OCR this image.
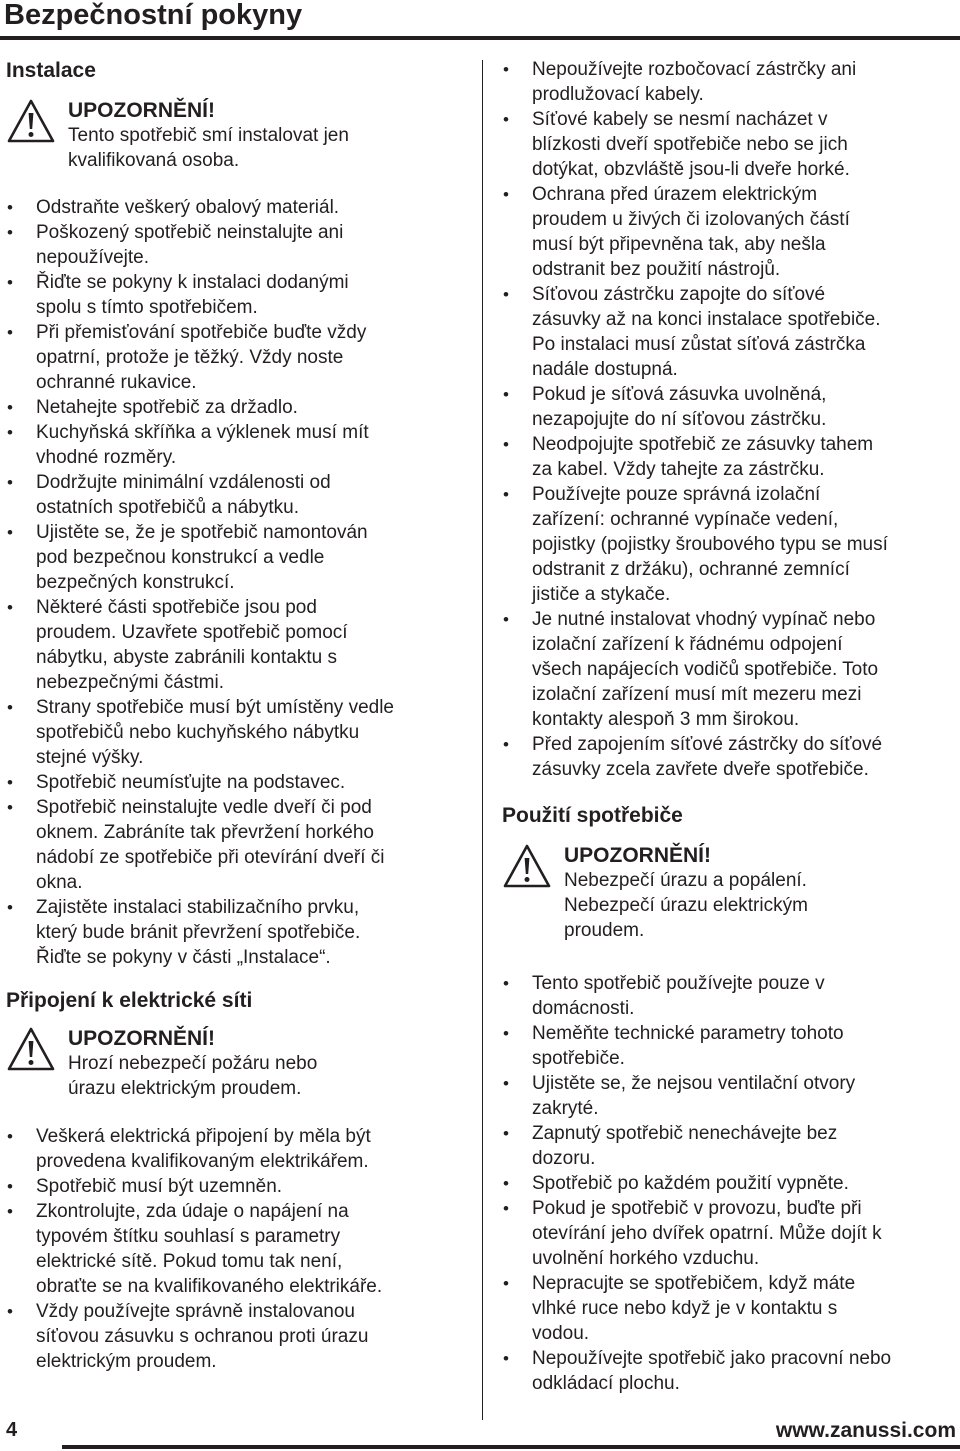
Bezpečnostní pokyny
Instalace
UPOZORNĚNÍ!
Tento spotřebič smí instalovat jen
kvalifikovaná osoba.
• Odstraňte veškerý obalový materiál.
• Poškozený spotřebič neinstalujte ani
nepoužívejte.
• Řiďte se pokyny k instalaci dodanými
spolu s tímto spotřebičem.
• Při přemisťování spotřebiče buďte vždy
opatrní, protože je těžký. Vždy noste
ochranné rukavice.
• Netahejte spotřebič za držadlo.
• Kuchyňská skříňka a výklenek musí mít
vhodné rozměry.
• Dodržujte minimální vzdálenosti od
ostatních spotřebičů a nábytku.
• Ujistěte se, že je spotřebič namontován
pod bezpečnou konstrukcí a vedle
bezpečných konstrukcí.
• Některé části spotřebiče jsou pod
proudem. Uzavřete spotřebič pomocí
nábytku, abyste zabránili kontaktu s
nebezpečnými částmi.
• Strany spotřebiče musí být umístěny vedle
spotřebičů nebo kuchyňského nábytku
stejné výšky.
• Spotřebič neumísťujte na podstavec.
• Spotřebič neinstalujte vedle dveří či pod
oknem. Zabráníte tak převržení horkého
nádobí ze spotřebiče při otevírání dveří či
okna.
• Zajistěte instalaci stabilizačního prvku,
který bude bránit převržení spotřebiče.
Řiďte se pokyny v části „Instalace“.
Připojení k elektrické síti
UPOZORNĚNÍ!
Hrozí nebezpečí požáru nebo
úrazu elektrickým proudem.
• Veškerá elektrická připojení by měla být
provedena kvalifikovaným elektrikářem.
• Spotřebič musí být uzemněn.
• Zkontrolujte, zda údaje o napájení na
typovém štítku souhlasí s parametry
elektrické sítě. Pokud tomu tak není,
obraťte se na kvalifikovaného elektrikáře.
• Vždy používejte správně instalovanou
síťovou zásuvku s ochranou proti úrazu
elektrickým proudem.
• Nepoužívejte rozbočovací zástrčky ani
prodlužovací kabely.
• Síťové kabely se nesmí nacházet v
blízkosti dveří spotřebiče nebo se jich
dotýkat, obzvláště jsou-li dveře horké.
• Ochrana před úrazem elektrickým
proudem u živých či izolovaných částí
musí být připevněna tak, aby nešla
odstranit bez použití nástrojů.
• Síťovou zástrčku zapojte do síťové
zásuvky až na konci instalace spotřebiče.
Po instalaci musí zůstat síťová zástrčka
nadále dostupná.
• Pokud je síťová zásuvka uvolněná,
nezapojujte do ní síťovou zástrčku.
• Neodpojujte spotřebič ze zásuvky tahem
za kabel. Vždy tahejte za zástrčku.
• Používejte pouze správná izolační
zařízení: ochranné vypínače vedení,
pojistky (pojistky šroubového typu se musí
odstranit z držáku), ochranné zemnící
jističe a stykače.
• Je nutné instalovat vhodný vypínač nebo
izolační zařízení k řádnému odpojení
všech napájecích vodičů spotřebiče. Toto
izolační zařízení musí mít mezeru mezi
kontakty alespoň 3 mm širokou.
• Před zapojením síťové zástrčky do síťové
zásuvky zcela zavřete dveře spotřebiče.
Použití spotřebiče
UPOZORNĚNÍ!
Nebezpečí úrazu a popálení.
Nebezpečí úrazu elektrickým
proudem.
• Tento spotřebič používejte pouze v
domácnosti.
• Neměňte technické parametry tohoto
spotřebiče.
• Ujistěte se, že nejsou ventilační otvory
zakryté.
• Zapnutý spotřebič nenechávejte bez
dozoru.
• Spotřebič po každém použití vypněte.
• Pokud je spotřebič v provozu, buďte při
otevírání jeho dvířek opatrní. Může dojít k
uvolnění horkého vzduchu.
• Nepracujte se spotřebičem, když máte
vlhké ruce nebo když je v kontaktu s
vodou.
• Nepoužívejte spotřebič jako pracovní nebo
odkládací plochu.
4	www.zanussi.com
